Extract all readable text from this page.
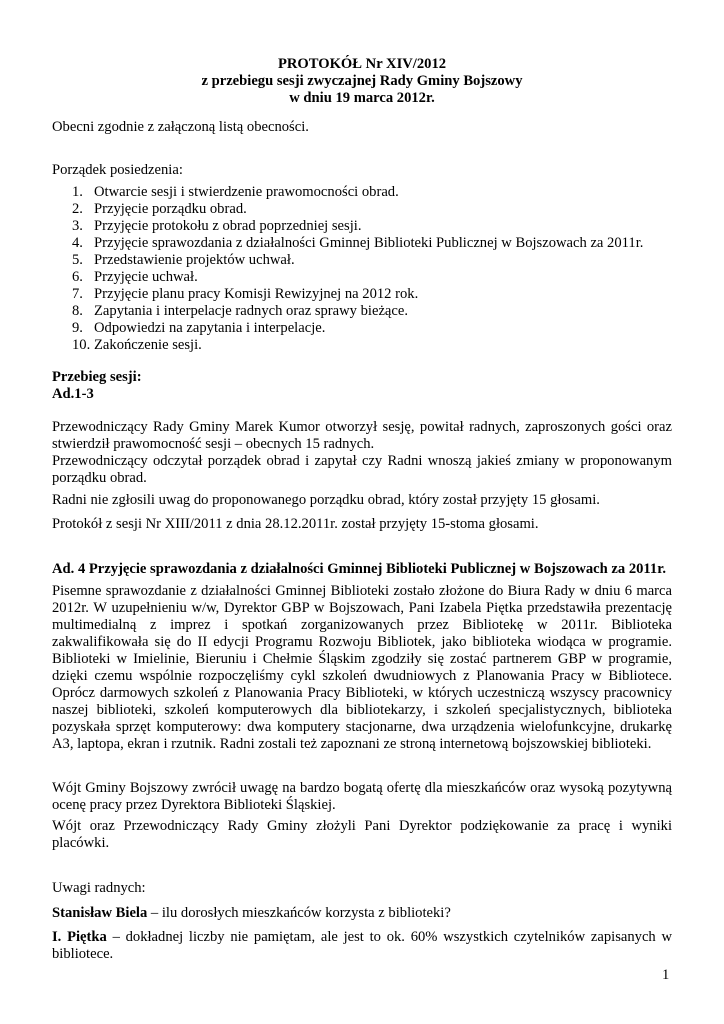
PROTOKÓŁ Nr XIV/2012
z przebiegu sesji zwyczajnej Rady Gminy Bojszowy
w dniu 19 marca 2012r.

Obecni zgodnie z załączoną listą obecności.

Porządek posiedzenia:

1. Otwarcie sesji i stwierdzenie prawomocności obrad.
2. Przyjęcie porządku obrad.
3. Przyjęcie protokołu z obrad poprzedniej sesji.
4. Przyjęcie sprawozdania z działalności Gminnej Biblioteki Publicznej w Bojszowach za 2011r.
5. Przedstawienie projektów uchwał.
6. Przyjęcie uchwał.
7. Przyjęcie planu pracy Komisji Rewizyjnej na 2012 rok.
8. Zapytania i interpelacje radnych oraz sprawy bieżące.
9. Odpowiedzi na zapytania i interpelacje.
10. Zakończenie sesji.

Przebieg sesji:

Ad.1-3

Przewodniczący Rady Gminy Marek Kumor otworzył sesję, powitał radnych, zaproszonych gości oraz stwierdził prawomocność sesji – obecnych 15 radnych.

Przewodniczący odczytał porządek obrad i zapytał czy Radni wnoszą jakieś zmiany w proponowanym porządku obrad.

Radni nie zgłosili uwag do proponowanego porządku obrad, który został przyjęty 15 głosami.

Protokół z sesji Nr XIII/2011 z dnia 28.12.2011r. został przyjęty 15-stoma głosami.

Ad. 4 Przyjęcie sprawozdania z działalności Gminnej Biblioteki Publicznej w Bojszowach za 2011r.

Pisemne sprawozdanie z działalności Gminnej Biblioteki zostało złożone do Biura Rady w dniu 6 marca 2012r. W uzupełnieniu w/w, Dyrektor GBP w Bojszowach, Pani Izabela Piętka przedstawiła prezentację multimedialną z imprez i spotkań zorganizowanych przez Bibliotekę w 2011r. Biblioteka zakwalifikowała się do II edycji Programu Rozwoju Bibliotek, jako biblioteka wiodąca w programie. Biblioteki w Imielinie, Bieruniu i Chełmie Śląskim zgodziły się zostać partnerem GBP w programie, dzięki czemu wspólnie rozpoczęliśmy cykl szkoleń dwudniowych z Planowania Pracy w Bibliotece. Oprócz darmowych szkoleń z Planowania Pracy Biblioteki, w których uczestniczą wszyscy pracownicy naszej biblioteki, szkoleń komputerowych dla bibliotekarzy, i szkoleń specjalistycznych, biblioteka pozyskała sprzęt komputerowy: dwa komputery stacjonarne, dwa urządzenia wielofunkcyjne, drukarkę A3, laptopa, ekran i rzutnik. Radni zostali też zapoznani ze stroną internetową bojszowskiej biblioteki.

Wójt Gminy Bojszowy zwrócił uwagę na bardzo bogatą ofertę dla mieszkańców oraz wysoką pozytywną ocenę pracy przez Dyrektora Biblioteki Śląskiej.

Wójt oraz Przewodniczący Rady Gminy złożyli Pani Dyrektor podziękowanie za pracę i wyniki placówki.

Uwagi radnych:

Stanisław Biela – ilu dorosłych mieszkańców korzysta z biblioteki?

I. Piętka – dokładnej liczby nie pamiętam, ale jest to ok. 60% wszystkich czytelników zapisanych w bibliotece.

1
